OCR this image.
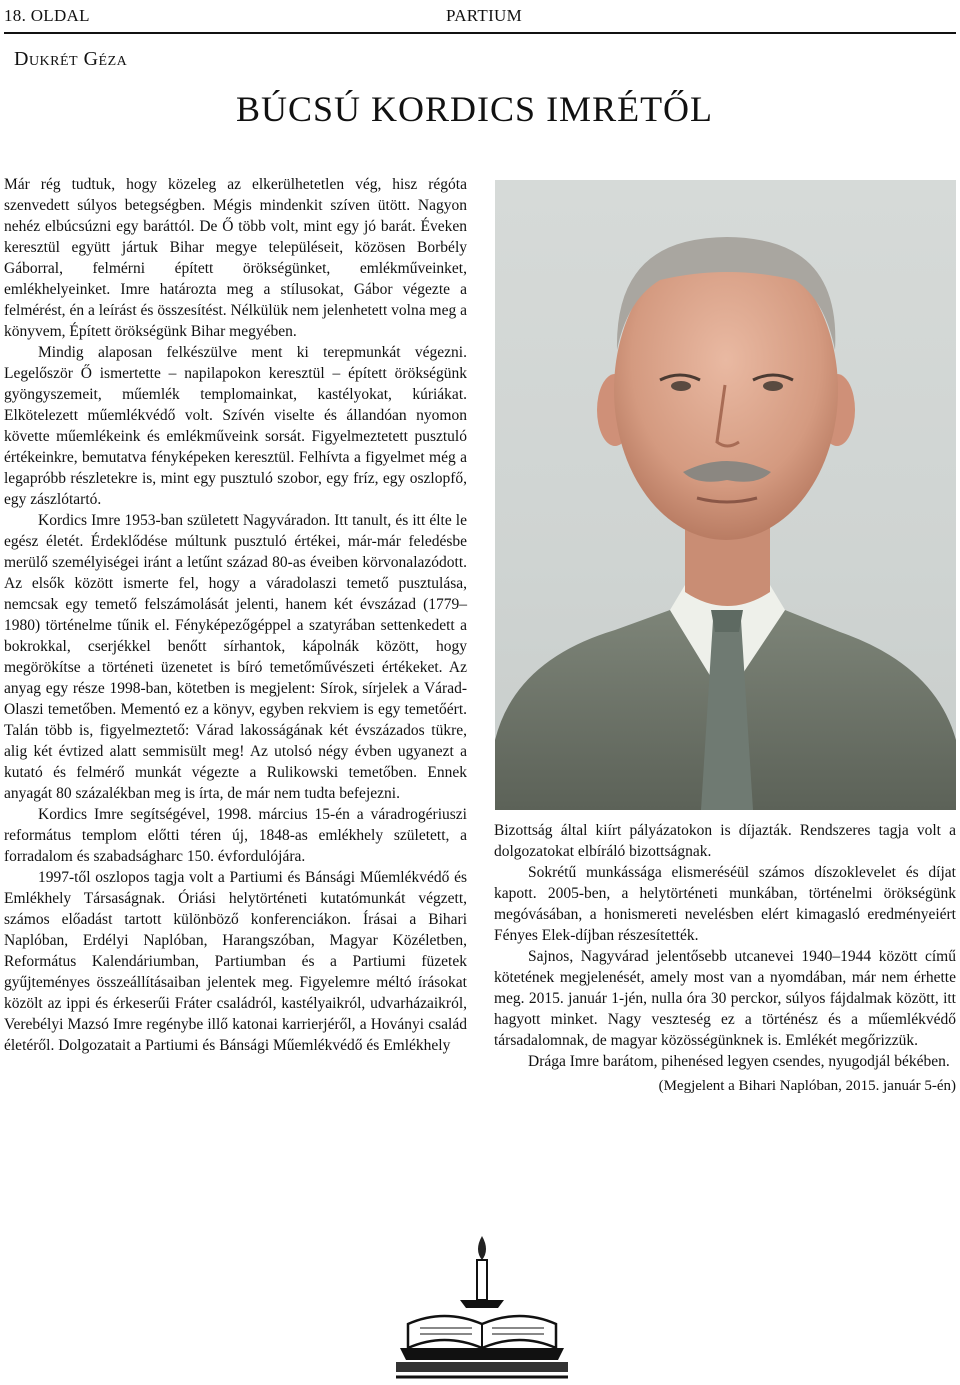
18. OLDAL	PARTIUM
Dukrét Géza
BÚCSÚ KORDICS IMRÉTŐL

Már rég tudtuk, hogy közeleg az elkerülhetetlen vég, hisz régóta szenvedett súlyos betegségben. Mégis mindenkit szíven ütött. Nagyon nehéz elbúcsúzni egy baráttól. De Ő több volt, mint egy jó barát. Éveken keresztül együtt jártuk Bihar megye településeit, közösen Borbély Gáborral, felmérni épített örökségünket, emlékműveinket, emlékhelyeinket. Imre határozta meg a stílusokat, Gábor végezte a felmérést, én a leírást és összesítést. Nélkülük nem jelenhetett volna meg a könyvem, Épített örökségünk Bihar megyében.

Mindig alaposan felkészülve ment ki terepmunkát végezni. Legelőször Ő ismertette – napilapokon keresztül – épített örökségünk gyöngyszemeit, műemlék templomainkat, kastélyokat, kúriákat. Elkötelezett műemlékvédő volt. Szívén viselte és állandóan nyomon követte műemlékeink és emlékműveink sorsát. Figyelmeztetett pusztuló értékeinkre, bemutatva fényképeken keresztül. Felhívta a figyelmet még a legapróbb részletekre is, mint egy pusztuló szobor, egy fríz, egy oszlopfő, egy zászlótartó.

Kordics Imre 1953-ban született Nagyváradon. Itt tanult, és itt élte le egész életét. Érdeklődése múltunk pusztuló értékei, már-már feledésbe merülő személyiségei iránt a letűnt század 80-as éveiben körvonalazódott. Az elsők között ismerte fel, hogy a váradolaszi temető pusztulása, nemcsak egy temető felszámolását jelenti, hanem két évszázad (1779–1980) történelme tűnik el. Fényképezőgéppel a szatyrában settenkedett a bokrokkal, cserjékkel benőtt sírhantok, kápolnák között, hogy megörökítse a történeti üzenetet is bíró temetőművészeti értékeket. Az anyag egy része 1998-ban, kötetben is megjelent: Sírok, sírjelek a Várad-Olaszi temetőben. Mementó ez a könyv, egyben rekviem is egy temetőért. Talán több is, figyelmeztető: Várad lakosságának két évszázados tükre, alig két évtized alatt semmisült meg! Az utolsó négy évben ugyanezt a kutató és felmérő munkát végezte a Rulikowski temetőben. Ennek anyagát 80 százalékban meg is írta, de már nem tudta befejezni.

Kordics Imre segítségével, 1998. március 15-én a váradrogériuszi református templom előtti téren új, 1848-as emlékhely született, a forradalom és szabadságharc 150. évfordulójára.

1997-től oszlopos tagja volt a Partiumi és Bánsági Műemlékvédő és Emlékhely Társaságnak. Óriási helytörténeti kutatómunkát végzett, számos előadást tartott különböző konferenciákon. Írásai a Bihari Naplóban, Erdélyi Naplóban, Harangszóban, Magyar Közéletben, Református Kalendáriumban, Partiumban és a Partiumi füzetek gyűjteményes összeállításaiban jelentek meg. Figyelemre méltó írásokat közölt az ippi és érkeserűi Fráter családról, kastélyaikról, udvarházaikról, Verebélyi Mazsó Imre regénybe illő katonai karrierjéről, a Hoványi család életéről. Dolgozatait a Partiumi és Bánsági Műemlékvédő és Emlékhely

Bizottság által kiírt pályázatokon is díjazták. Rendszeres tagja volt a dolgozatokat elbíráló bizottságnak.

Sokrétű munkássága elismeréséül számos díszoklevelet és díjat kapott. 2005-ben, a helytörténeti munkában, történelmi örökségünk megóvásában, a honismereti nevelésben elért kimagasló eredményeiért Fényes Elek-díjban részesítették.

Sajnos, Nagyvárad jelentősebb utcanevei 1940–1944 között című kötetének megjelenését, amely most van a nyomdában, már nem érhette meg. 2015. január 1-jén, nulla óra 30 perckor, súlyos fájdalmak között, itt hagyott minket. Nagy veszteség ez a történész és a műemlékvédő társadalomnak, de magyar közösségünknek is. Emlékét megőrizzük.

Drága Imre barátom, pihenésed legyen csendes, nyugodjál békében.

(Megjelent a Bihari Naplóban, 2015. január 5-én)
